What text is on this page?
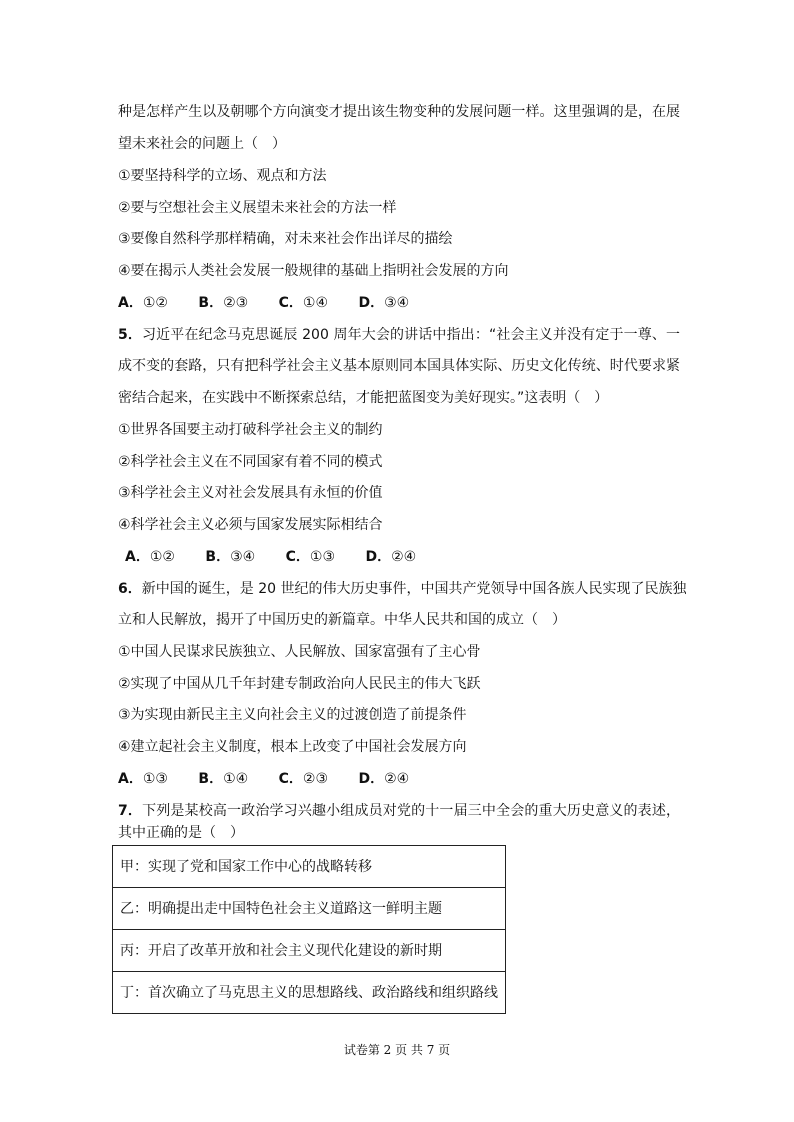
种是怎样产生以及朝哪个方向演变才提出该生物变种的发展问题一样。这里强调的是，在展
望未来社会的问题上（　）
①要坚持科学的立场、观点和方法
②要与空想社会主义展望未来社会的方法一样
③要像自然科学那样精确，对未来社会作出详尽的描绘
④要在揭示人类社会发展一般规律的基础上指明社会发展的方向
A．①② B．②③ C．①④ D．③④
5．习近平在纪念马克思诞辰 200 周年大会的讲话中指出：“社会主义并没有定于一尊、一
成不变的套路，只有把科学社会主义基本原则同本国具体实际、历史文化传统、时代要求紧
密结合起来，在实践中不断探索总结，才能把蓝图变为美好现实。”这表明（　）
①世界各国要主动打破科学社会主义的制约
②科学社会主义在不同国家有着不同的模式
③科学社会主义对社会发展具有永恒的价值
④科学社会主义必须与国家发展实际相结合
A．①② B．③④ C．①③ D．②④
6．新中国的诞生，是 20 世纪的伟大历史事件，中国共产党领导中国各族人民实现了民族独
立和人民解放，揭开了中国历史的新篇章。中华人民共和国的成立（　）
①中国人民谋求民族独立、人民解放、国家富强有了主心骨
②实现了中国从几千年封建专制政治向人民民主的伟大飞跃
③为实现由新民主主义向社会主义的过渡创造了前提条件
④建立起社会主义制度，根本上改变了中国社会发展方向
A．①③ B．①④ C．②③ D．②④
7．下列是某校高一政治学习兴趣小组成员对党的十一届三中全会的重大历史意义的表述，
其中正确的是（　）
甲：实现了党和国家工作中心的战略转移
乙：明确提出走中国特色社会主义道路这一鲜明主题
丙：开启了改革开放和社会主义现代化建设的新时期
丁：首次确立了马克思主义的思想路线、政治路线和组织路线
试卷第 2 页 共 7 页
